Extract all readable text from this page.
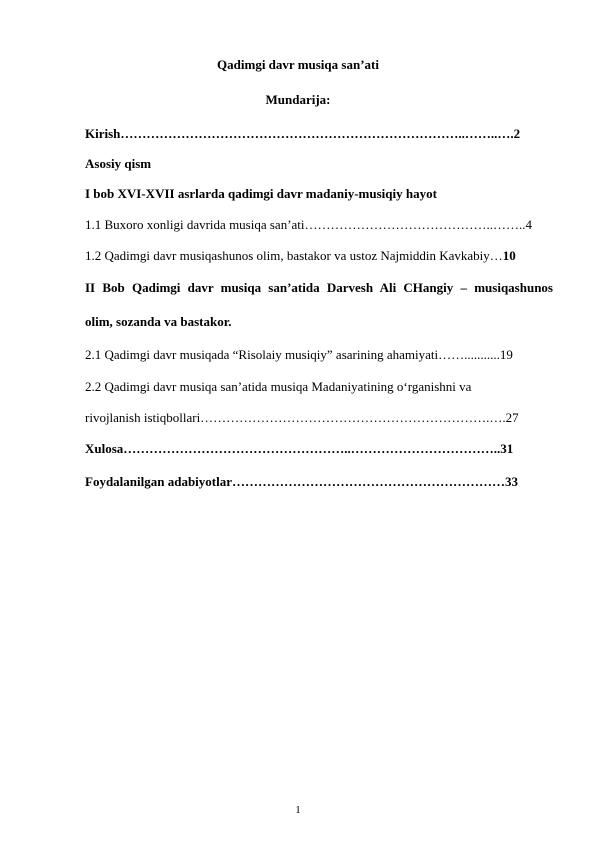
Qadimgi davr musiqa san’ati
Mundarija:
Kirish……………………………………………………………………..……..….2
Asosiy qism
I bob XVI-XVII asrlarda qadimgi davr madaniy-musiqiy hayot
1.1 Buxoro xonligi davrida musiqa san’ati……………………………………..……..4
1.2 Qadimgi davr musiqashunos olim, bastakor va ustoz Najmiddin Kavkabiy…10
II Bob Qadimgi davr musiqa san’atida Darvesh Ali CHangiy – musiqashunos
olim, sozanda va bastakor.
2.1 Qadimgi davr musiqada “Risolaiy musiqiy” asarining ahamiyati……...........19
2.2 Qadimgi davr musiqa san’atida musiqa Madaniyatining o‘rganishni va
rivojlanish istiqbollari………………………………………………………….….27
Xulosa……………………………………………..……………………………..31
Foydalanilgan adabiyotlar………………………………………………………33
1
